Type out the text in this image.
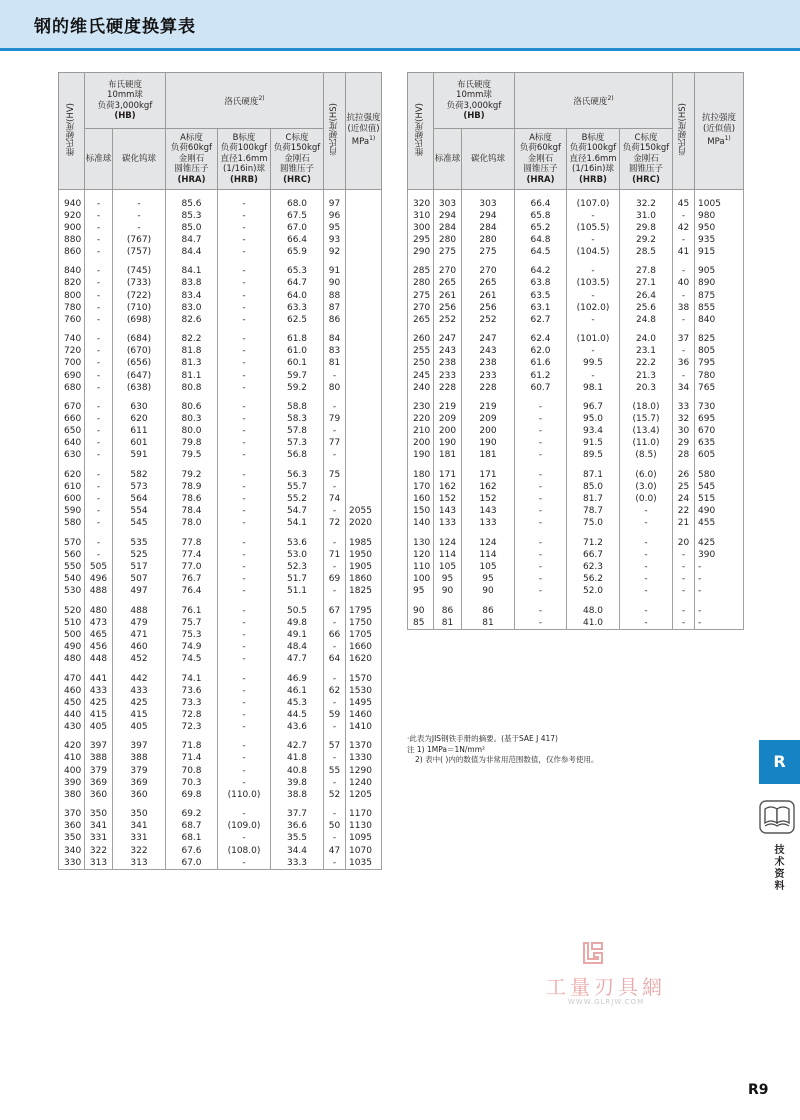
钢的维氏硬度换算表
维氏硬度(HV)	布氏硬度
10mm球
负荷3,000kgf

(HB)		洛氏硬度$^{2)}$			肖氏硬度(HS)	抗拉强度
(近似值)
MPa$^{1)}$
	标准球	碳化钨球	A标度
负荷60kgf
金刚石
圆锥压子

(HRA)	B标度
负荷100kgf
直径1.6mm
(1/16in)球

(HRB)	C标度
负荷150kgf
金刚石
圆锥压子

(HRC)		

940	-	-	85.6	-	68.0	97	
920	-	-	85.3	-	67.5	96	
900	-	-	85.0	-	67.0	95	
880	-	(767)	84.7	-	66.4	93	
860	-	(757)	84.4	-	65.9	92	

840	-	(745)	84.1	-	65.3	91	
820	-	(733)	83.8	-	64.7	90	
800	-	(722)	83.4	-	64.0	88	
780	-	(710)	83.0	-	63.3	87	
760	-	(698)	82.6	-	62.5	86	

740	-	(684)	82.2	-	61.8	84	
720	-	(670)	81.8	-	61.0	83	
700	-	(656)	81.3	-	60.1	81	
690	-	(647)	81.1	-	59.7	-	
680	-	(638)	80.8	-	59.2	80	

670	-	630	80.6	-	58.8	-	
660	-	620	80.3	-	58.3	79	
650	-	611	80.0	-	57.8	-	
640	-	601	79.8	-	57.3	77	
630	-	591	79.5	-	56.8	-	

620	-	582	79.2	-	56.3	75	
610	-	573	78.9	-	55.7	-	
600	-	564	78.6	-	55.2	74	
590	-	554	78.4	-	54.7	-	2055
580	-	545	78.0	-	54.1	72	2020

570	-	535	77.8	-	53.6	-	1985
560	-	525	77.4	-	53.0	71	1950
550	505	517	77.0	-	52.3	-	1905
540	496	507	76.7	-	51.7	69	1860
530	488	497	76.4	-	51.1	-	1825

520	480	488	76.1	-	50.5	67	1795
510	473	479	75.7	-	49.8	-	1750
500	465	471	75.3	-	49.1	66	1705
490	456	460	74.9	-	48.4	-	1660
480	448	452	74.5	-	47.7	64	1620

470	441	442	74.1	-	46.9	-	1570
460	433	433	73.6	-	46.1	62	1530
450	425	425	73.3	-	45.3	-	1495
440	415	415	72.8	-	44.5	59	1460
430	405	405	72.3	-	43.6	-	1410

420	397	397	71.8	-	42.7	57	1370
410	388	388	71.4	-	41.8	-	1330
400	379	379	70.8	-	40.8	55	1290
390	369	369	70.3	-	39.8	-	1240
380	360	360	69.8	(110.0)	38.8	52	1205

370	350	350	69.2	-	37.7	-	1170
360	341	341	68.7	(109.0)	36.6	50	1130
350	331	331	68.1	-	35.5	-	1095
340	322	322	67.6	(108.0)	34.4	47	1070
330	313	313	67.0	-	33.3	-	1035
维氏硬度(HV)	布氏硬度
10mm球
负荷3,000kgf

(HB)		洛氏硬度$^{2)}$			肖氏硬度(HS)	抗拉强度
(近似值)
MPa$^{1)}$
	标准球	碳化钨球	A标度
负荷60kgf
金刚石
圆锥压子

(HRA)	B标度
负荷100kgf
直径1.6mm
(1/16in)球

(HRB)	C标度
负荷150kgf
金刚石
圆锥压子

(HRC)		

320	303	303	66.4	(107.0)	32.2	45	1005
310	294	294	65.8	-	31.0	-	980
300	284	284	65.2	(105.5)	29.8	42	950
295	280	280	64.8	-	29.2	-	935
290	275	275	64.5	(104.5)	28.5	41	915

285	270	270	64.2	-	27.8	-	905
280	265	265	63.8	(103.5)	27.1	40	890
275	261	261	63.5	-	26.4	-	875
270	256	256	63.1	(102.0)	25.6	38	855
265	252	252	62.7	-	24.8	-	840

260	247	247	62.4	(101.0)	24.0	37	825
255	243	243	62.0	-	23.1	-	805
250	238	238	61.6	99.5	22.2	36	795
245	233	233	61.2	-	21.3	-	780
240	228	228	60.7	98.1	20.3	34	765

230	219	219	-	96.7	(18.0)	33	730
220	209	209	-	95.0	(15.7)	32	695
210	200	200	-	93.4	(13.4)	30	670
200	190	190	-	91.5	(11.0)	29	635
190	181	181	-	89.5	(8.5)	28	605

180	171	171	-	87.1	(6.0)	26	580
170	162	162	-	85.0	(3.0)	25	545
160	152	152	-	81.7	(0.0)	24	515
150	143	143	-	78.7	-	22	490
140	133	133	-	75.0	-	21	455

130	124	124	-	71.2	-	20	425
120	114	114	-	66.7	-	-	390
110	105	105	-	62.3	-	-	-
100	95	95	-	56.2	-	-	-
95	90	90	-	52.0	-	-	-

90	86	86	-	48.0	-	-	-
85	81	81	-	41.0	-	-	-
·此表为JIS钢铁手册的摘要。(基于SAE J 417)
注 1) 1MPa＝1N/mm²
2) 表中( )内的数值为非常用范围数值，仅作参考使用。	R
技术资料
工量刃具網
WWW.GLRJW.COM
R9
